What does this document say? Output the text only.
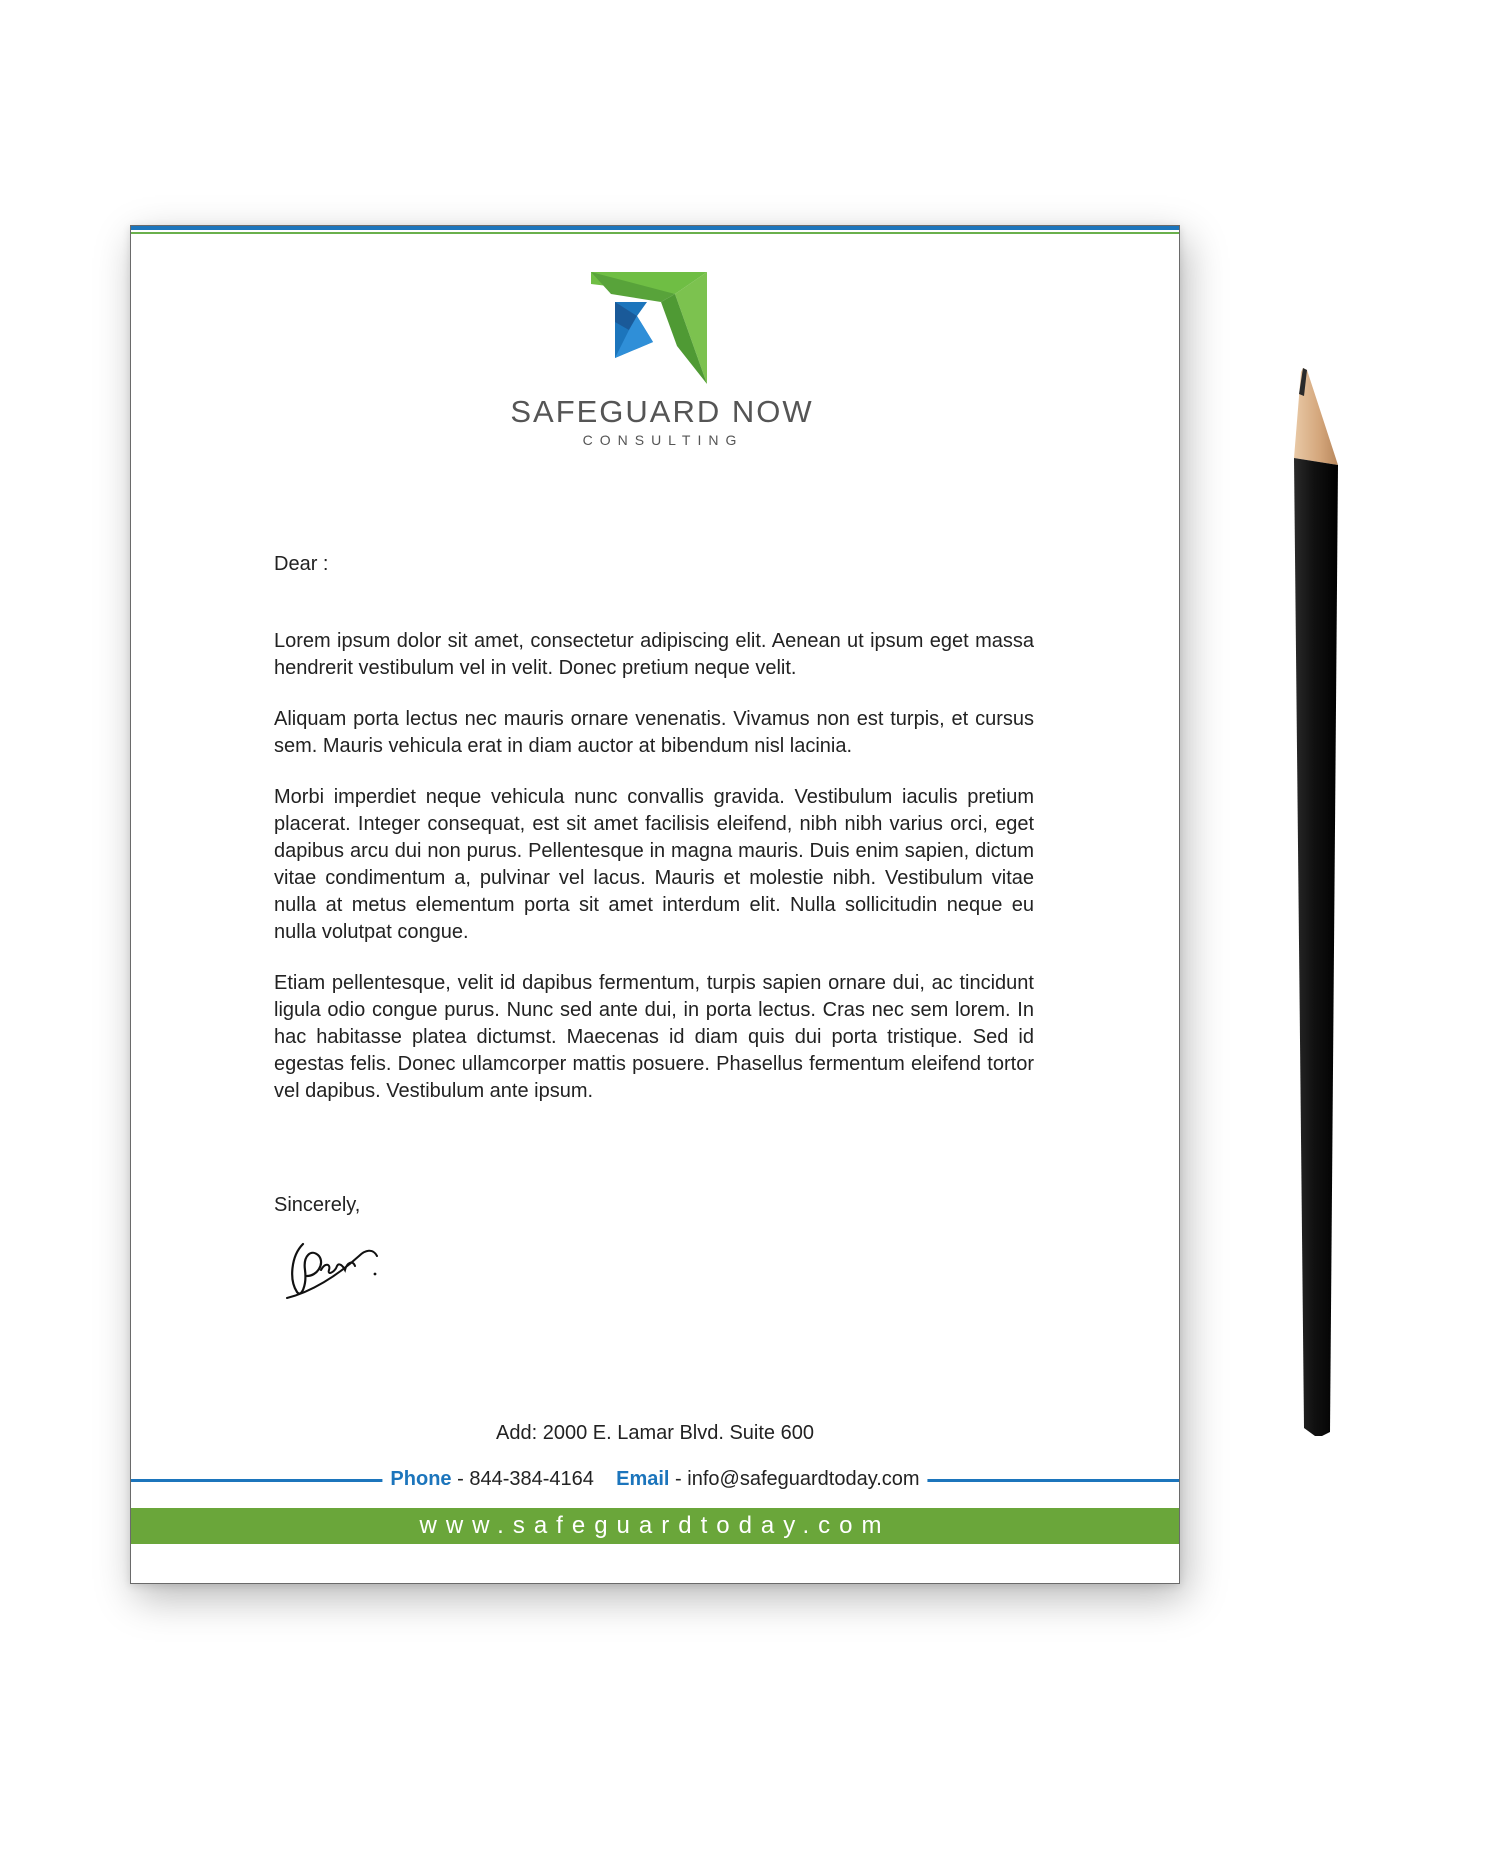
SAFEGUARD NOW
CONSULTING
Dear :

Lorem ipsum dolor sit amet, consectetur adipiscing elit. Aenean ut ipsum eget massa hendrerit vestibulum vel in velit. Donec pretium neque velit.

Aliquam porta lectus nec mauris ornare venenatis. Vivamus non est turpis, et cursus sem. Mauris vehicula erat in diam auctor at bibendum nisl lacinia.

Morbi imperdiet neque vehicula nunc convallis gravida. Vestibulum iaculis pretium placerat. Integer consequat, est sit amet facilisis eleifend, nibh nibh varius orci, eget dapibus arcu dui non purus. Pellentesque in magna mauris. Duis enim sapien, dictum vitae condimentum a, pulvinar vel lacus. Mauris et molestie nibh. Vestibulum vitae nulla at metus elementum porta sit amet interdum elit. Nulla sollicitudin neque eu nulla volutpat congue.

Etiam pellentesque, velit id dapibus fermentum, turpis sapien ornare dui, ac tincidunt ligula odio congue purus. Nunc sed ante dui, in porta lectus. Cras nec sem lorem. In hac habitasse platea dictumst. Maecenas id diam quis dui porta tristique. Sed id egestas felis. Donec ullamcorper mattis posuere. Phasellus fermentum eleifend tortor vel dapibus. Vestibulum ante ipsum.

Sincerely,
Add: 2000 E. Lamar Blvd. Suite 600
Phone - 844-384-4164 Email - info@safeguardtoday.com
www.safeguardtoday.com
